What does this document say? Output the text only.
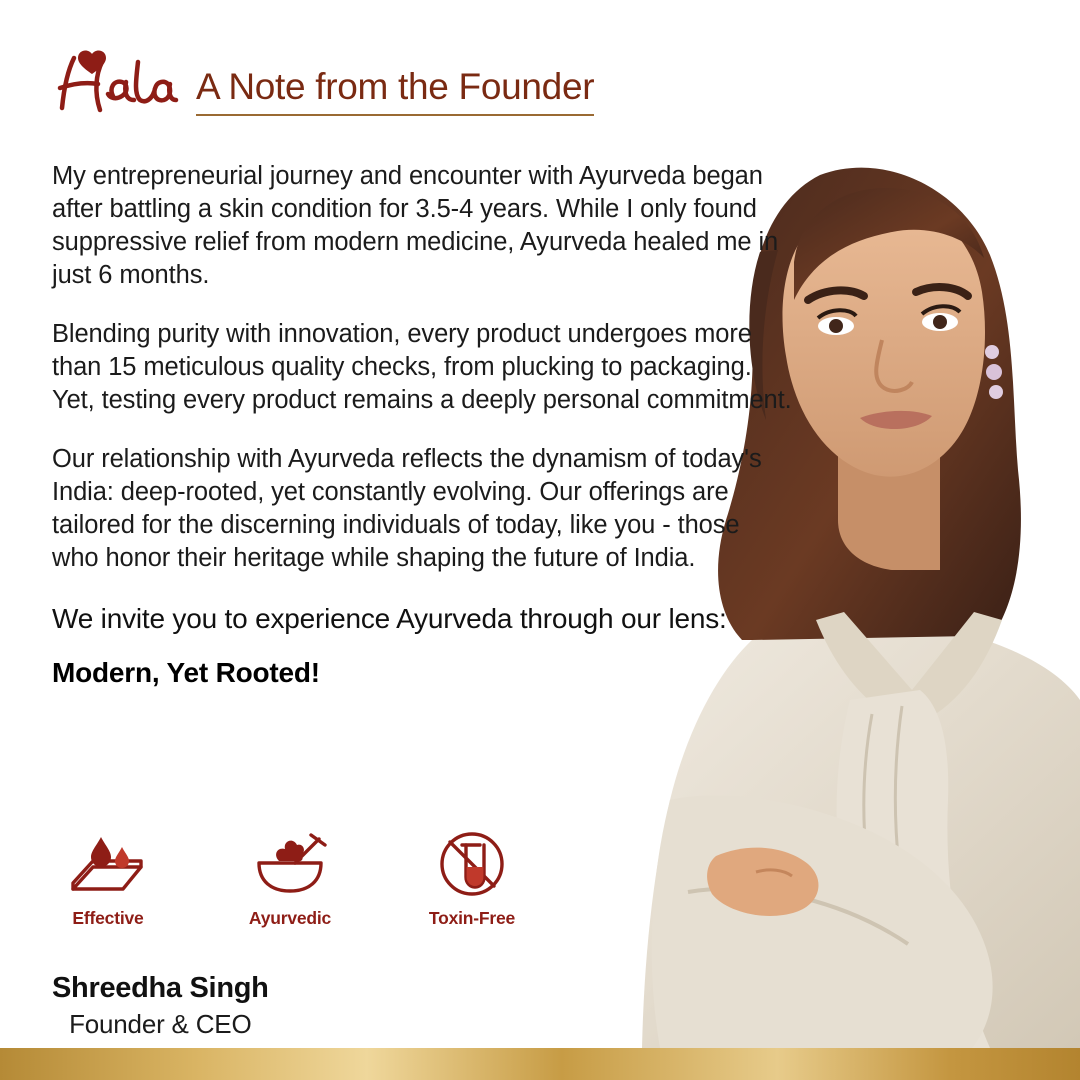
A Note from the Founder

My entrepreneurial journey and encounter with Ayurveda began after battling a skin condition for 3.5-4 years. While I only found suppressive relief from modern medicine, Ayurveda healed me in just 6 months.

Blending purity with innovation, every product undergoes more than 15 meticulous quality checks, from plucking to packaging. Yet, testing every product remains a deeply personal commitment.

Our relationship with Ayurveda reflects the dynamism of today's India: deep-rooted, yet constantly evolving. Our offerings are tailored for the discerning individuals of today, like you - those who honor their heritage while shaping the future of India.

We invite you to experience Ayurveda through our lens:

Modern, Yet Rooted!

Effective	Ayurvedic	Toxin-Free
Shreedha Singh
Founder & CEO
